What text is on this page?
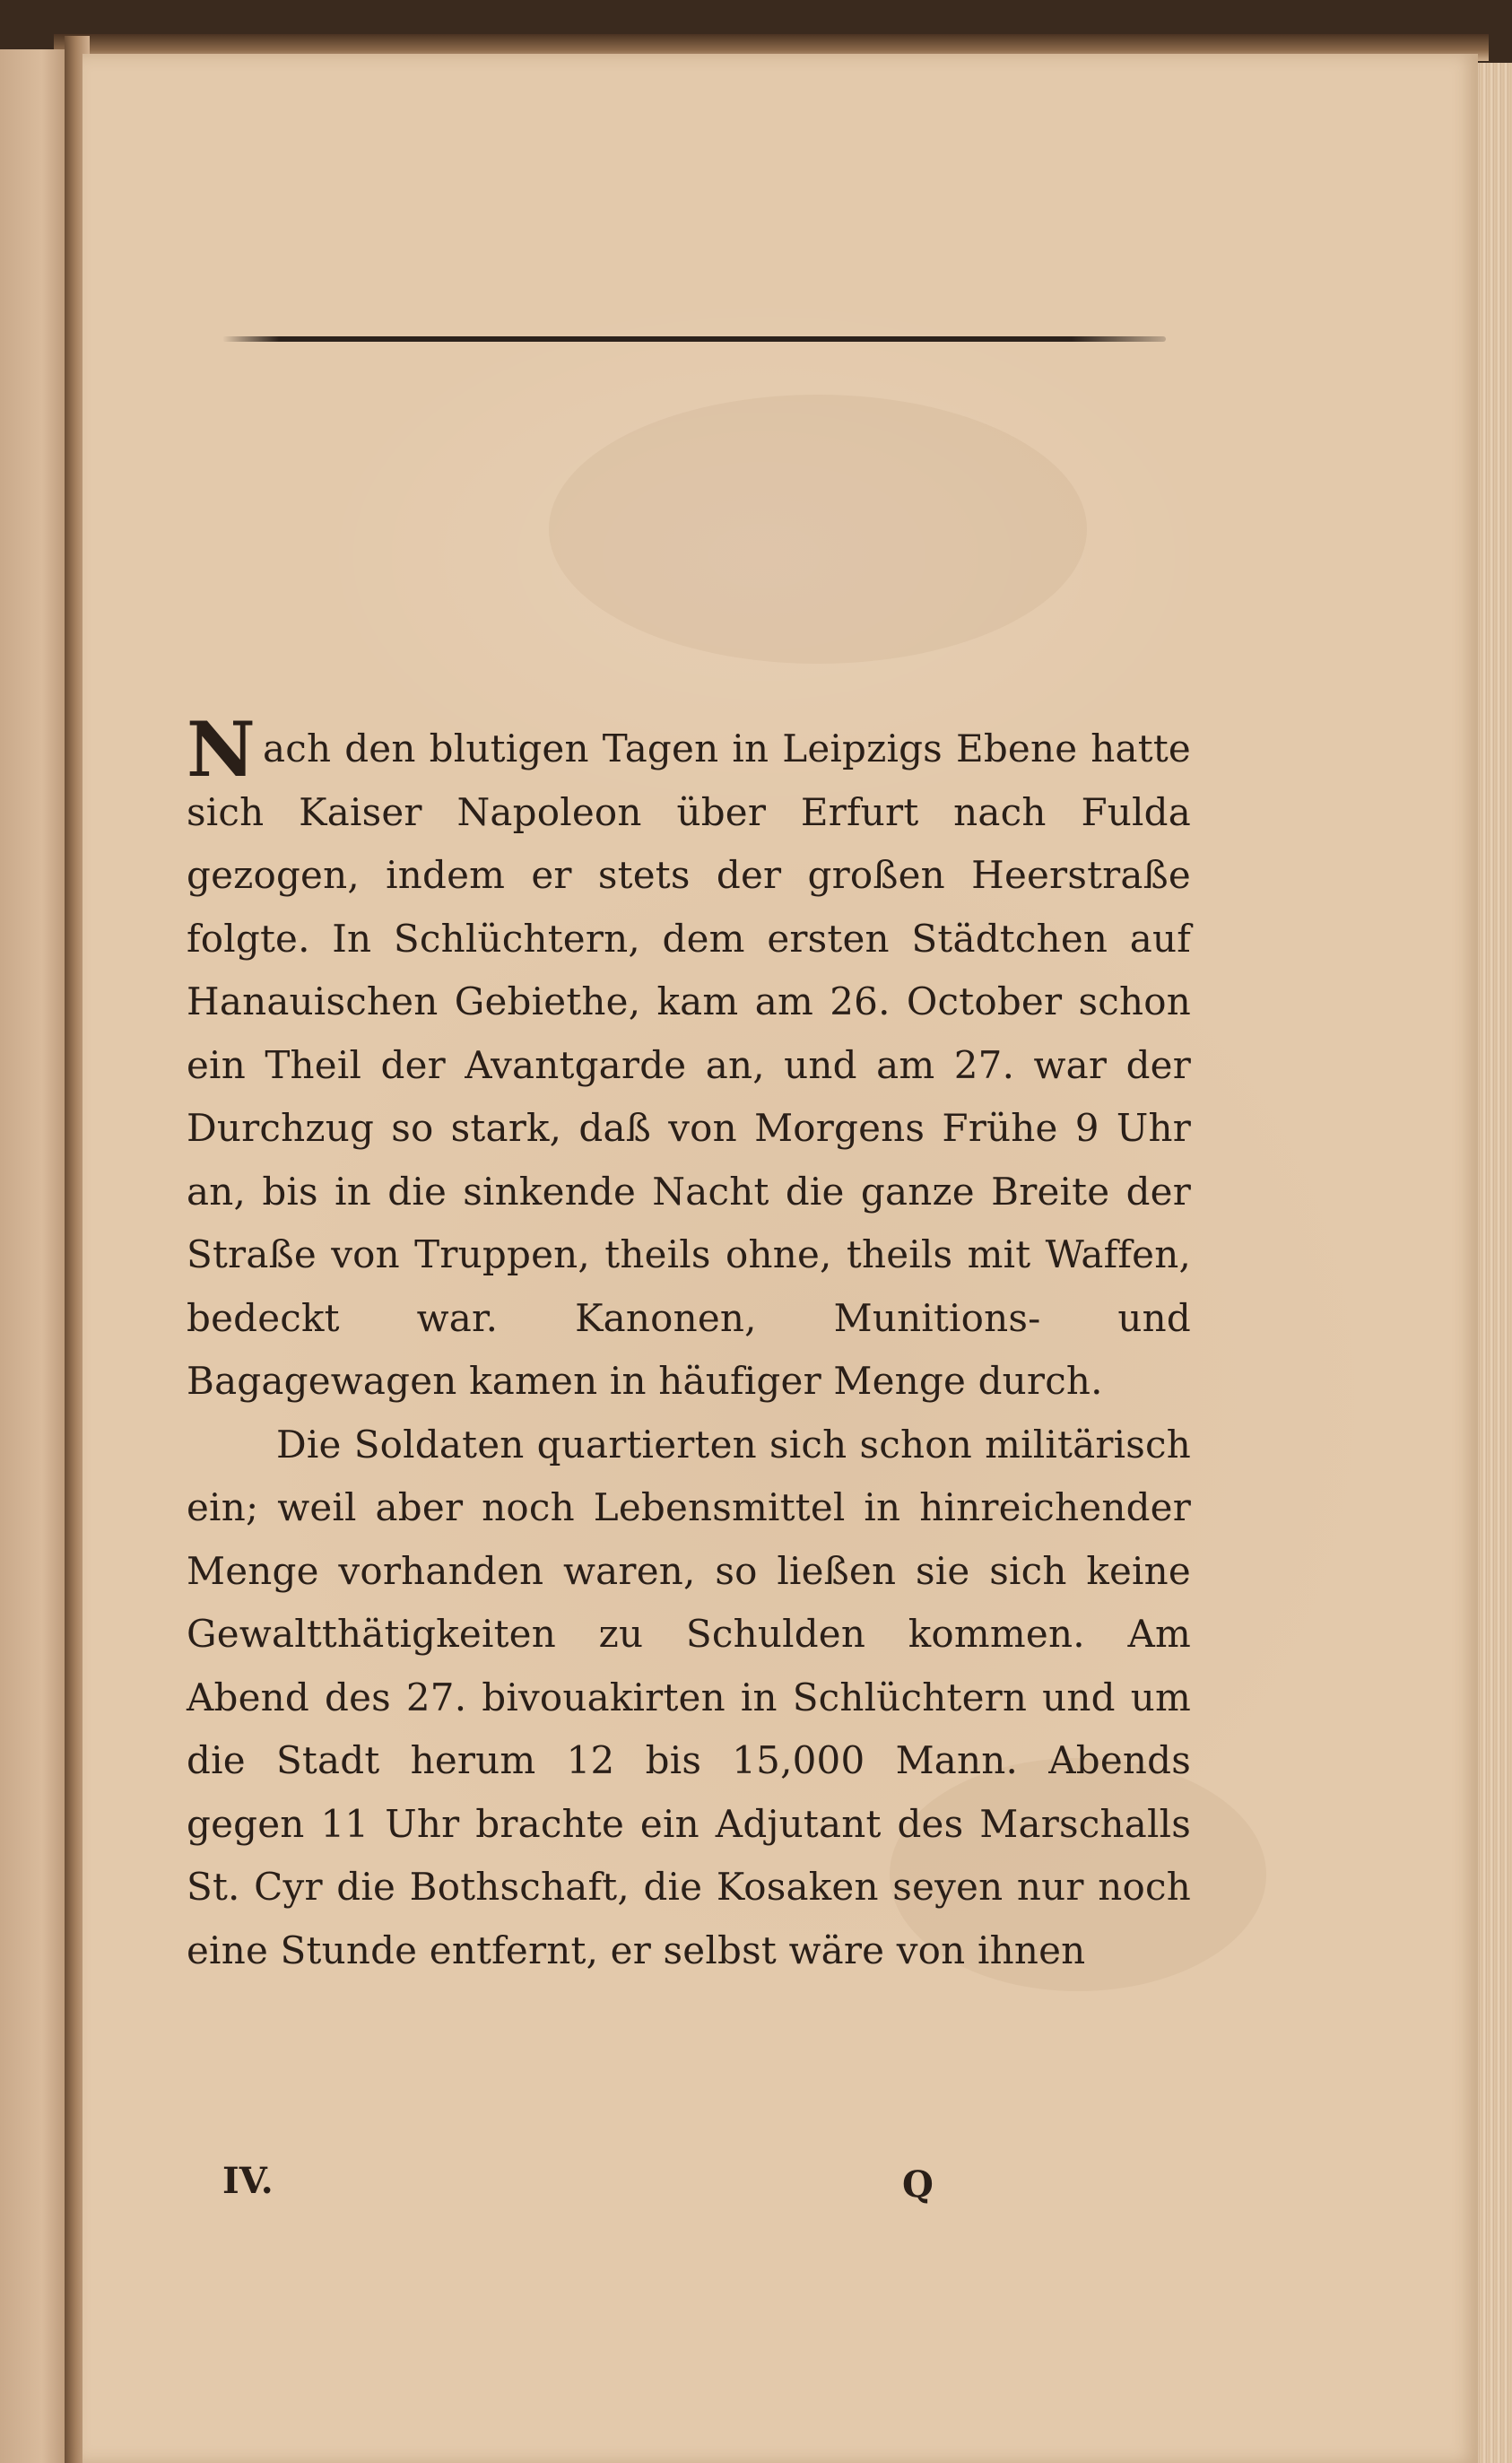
Nach den blutigen Tagen in Leipzigs Ebene hatte sich Kaiser Napoleon über Erfurt nach Fulda gezogen, indem er stets der großen Heerstraße folgte. In Schlüchtern, dem ersten Städtchen auf Hanauischen Gebiethe, kam am 26. October schon ein Theil der Avantgarde an, und am 27. war der Durchzug so stark, daß von Morgens Frühe 9 Uhr an, bis in die sinkende Nacht die ganze Breite der Straße von Truppen, theils ohne, theils mit Waffen, bedeckt war. Kanonen, Munitions- und Bagagewagen kamen in häufiger Menge durch.

Die Soldaten quartierten sich schon militärisch ein; weil aber noch Lebensmittel in hinreichender Menge vorhanden waren, so ließen sie sich keine Gewaltthätigkeiten zu Schulden kommen. Am Abend des 27. bivouakirten in Schlüchtern und um die Stadt herum 12 bis 15,000 Mann. Abends gegen 11 Uhr brachte ein Adjutant des Marschalls St. Cyr die Bothschaft, die Kosaken seyen nur noch eine Stunde entfernt, er selbst wäre von ihnen

IV.	Q
